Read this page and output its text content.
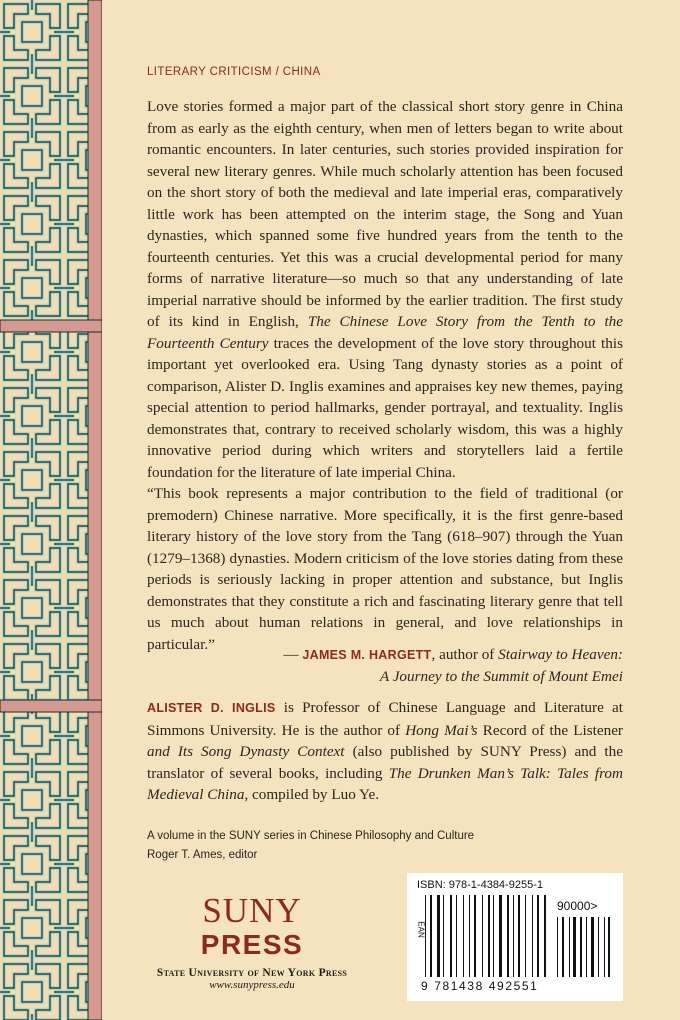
LITERARY CRITICISM / CHINA

Love stories formed a major part of the classical short story genre in China from as early as the eighth century, when men of letters began to write about romantic encounters. In later centuries, such stories provided inspiration for several new literary genres. While much scholarly attention has been focused on the short story of both the medieval and late imperial eras, comparatively little work has been attempted on the interim stage, the Song and Yuan dynasties, which spanned some five hundred years from the tenth to the fourteenth centuries. Yet this was a crucial developmental period for many forms of narrative literature—so much so that any understanding of late imperial narrative should be informed by the earlier tradition. The first study of its kind in English, The Chinese Love Story from the Tenth to the Fourteenth Century traces the development of the love story throughout this important yet overlooked era. Using Tang dynasty stories as a point of comparison, Alister D. Inglis examines and appraises key new themes, paying special attention to period hallmarks, gender portrayal, and textuality. Inglis demonstrates that, contrary to received scholarly wisdom, this was a highly innovative period during which writers and storytellers laid a fertile foundation for the literature of late imperial China.

“This book represents a major contribution to the field of traditional (or premodern) Chinese narrative. More specifically, it is the first genre-based literary history of the love story from the Tang (618–907) through the Yuan (1279–1368) dynasties. Modern criticism of the love stories dating from these periods is seriously lacking in proper attention and substance, but Inglis demonstrates that they constitute a rich and fascinating literary genre that tell us much about human relations in general, and love relationships in particular.”

— JAMES M. HARGETT, author of Stairway to Heaven:
A Journey to the Summit of Mount Emei

ALISTER D. INGLIS is Professor of Chinese Language and Literature at Simmons University. He is the author of Hong Mai’s Record of the Listener and Its Song Dynasty Context (also published by SUNY Press) and the translator of several books, including The Drunken Man’s Talk: Tales from Medieval China, compiled by Luo Ye.

A volume in the SUNY series in Chinese Philosophy and Culture
Roger T. Ames, editor
SUNY
PRESS
State University of New York Press
www.sunypress.edu
ISBN: 978-1-4384-9255-1
90000>
EAN
9 781438 492551
